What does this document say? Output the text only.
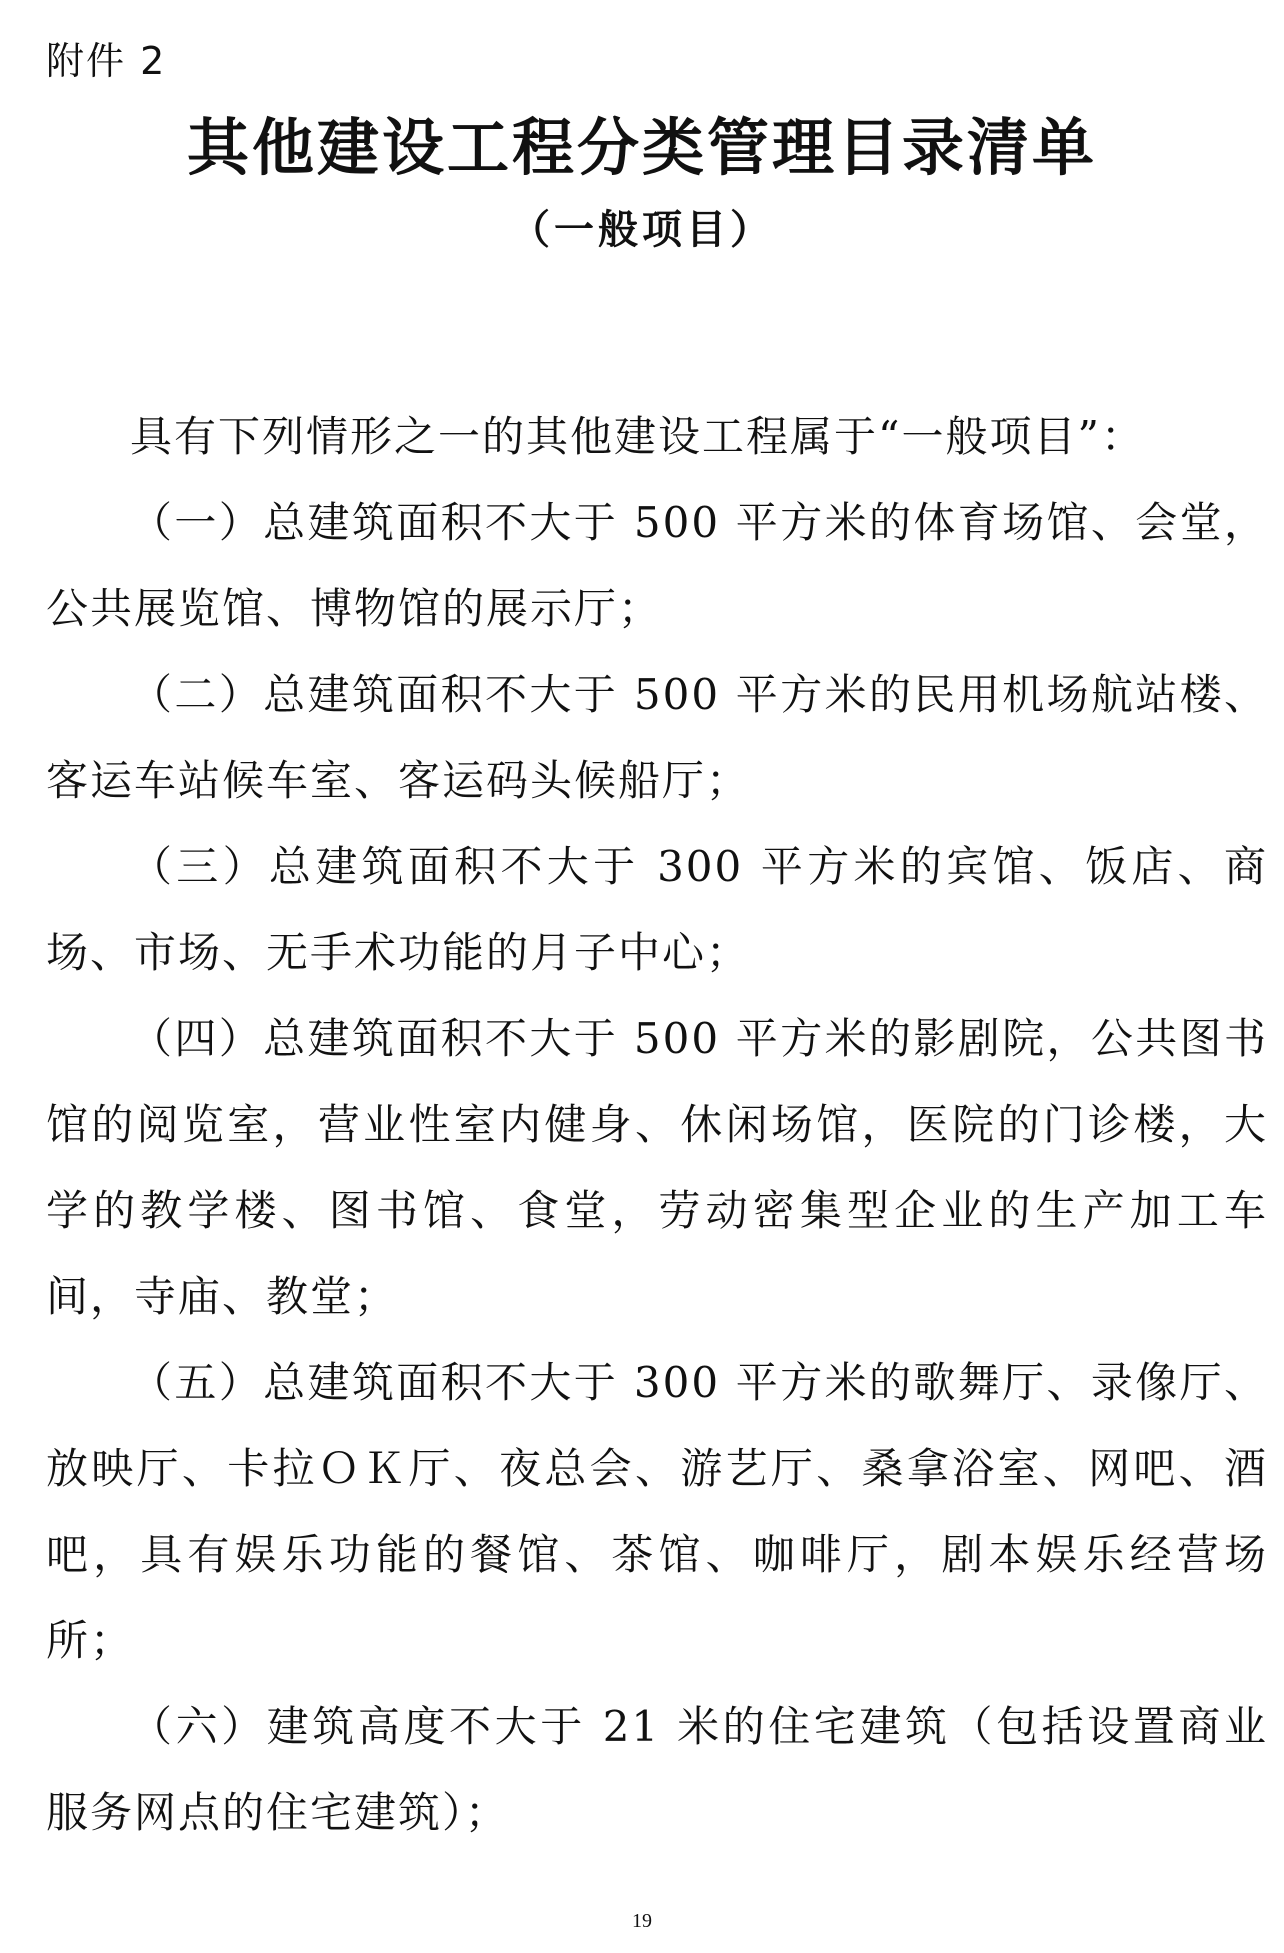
附件 2

其他建设工程分类管理目录清单

（一般项目）

具有下列情形之一的其他建设工程属于“一般项目”：

（一）总建筑面积不大于 500 平方米的体育场馆、会堂，公共展览馆、博物馆的展示厅；

（二）总建筑面积不大于 500 平方米的民用机场航站楼、客运车站候车室、客运码头候船厅；

（三）总建筑面积不大于 300 平方米的宾馆、饭店、商场、市场、无手术功能的月子中心；

（四）总建筑面积不大于 500 平方米的影剧院，公共图书馆的阅览室，营业性室内健身、休闲场馆，医院的门诊楼，大学的教学楼、图书馆、食堂，劳动密集型企业的生产加工车间，寺庙、教堂；

（五）总建筑面积不大于 300 平方米的歌舞厅、录像厅、放映厅、卡拉ＯＫ厅、夜总会、游艺厅、桑拿浴室、网吧、酒吧，具有娱乐功能的餐馆、茶馆、咖啡厅，剧本娱乐经营场所；

（六）建筑高度不大于 21 米的住宅建筑（包括设置商业服务网点的住宅建筑）；

19
